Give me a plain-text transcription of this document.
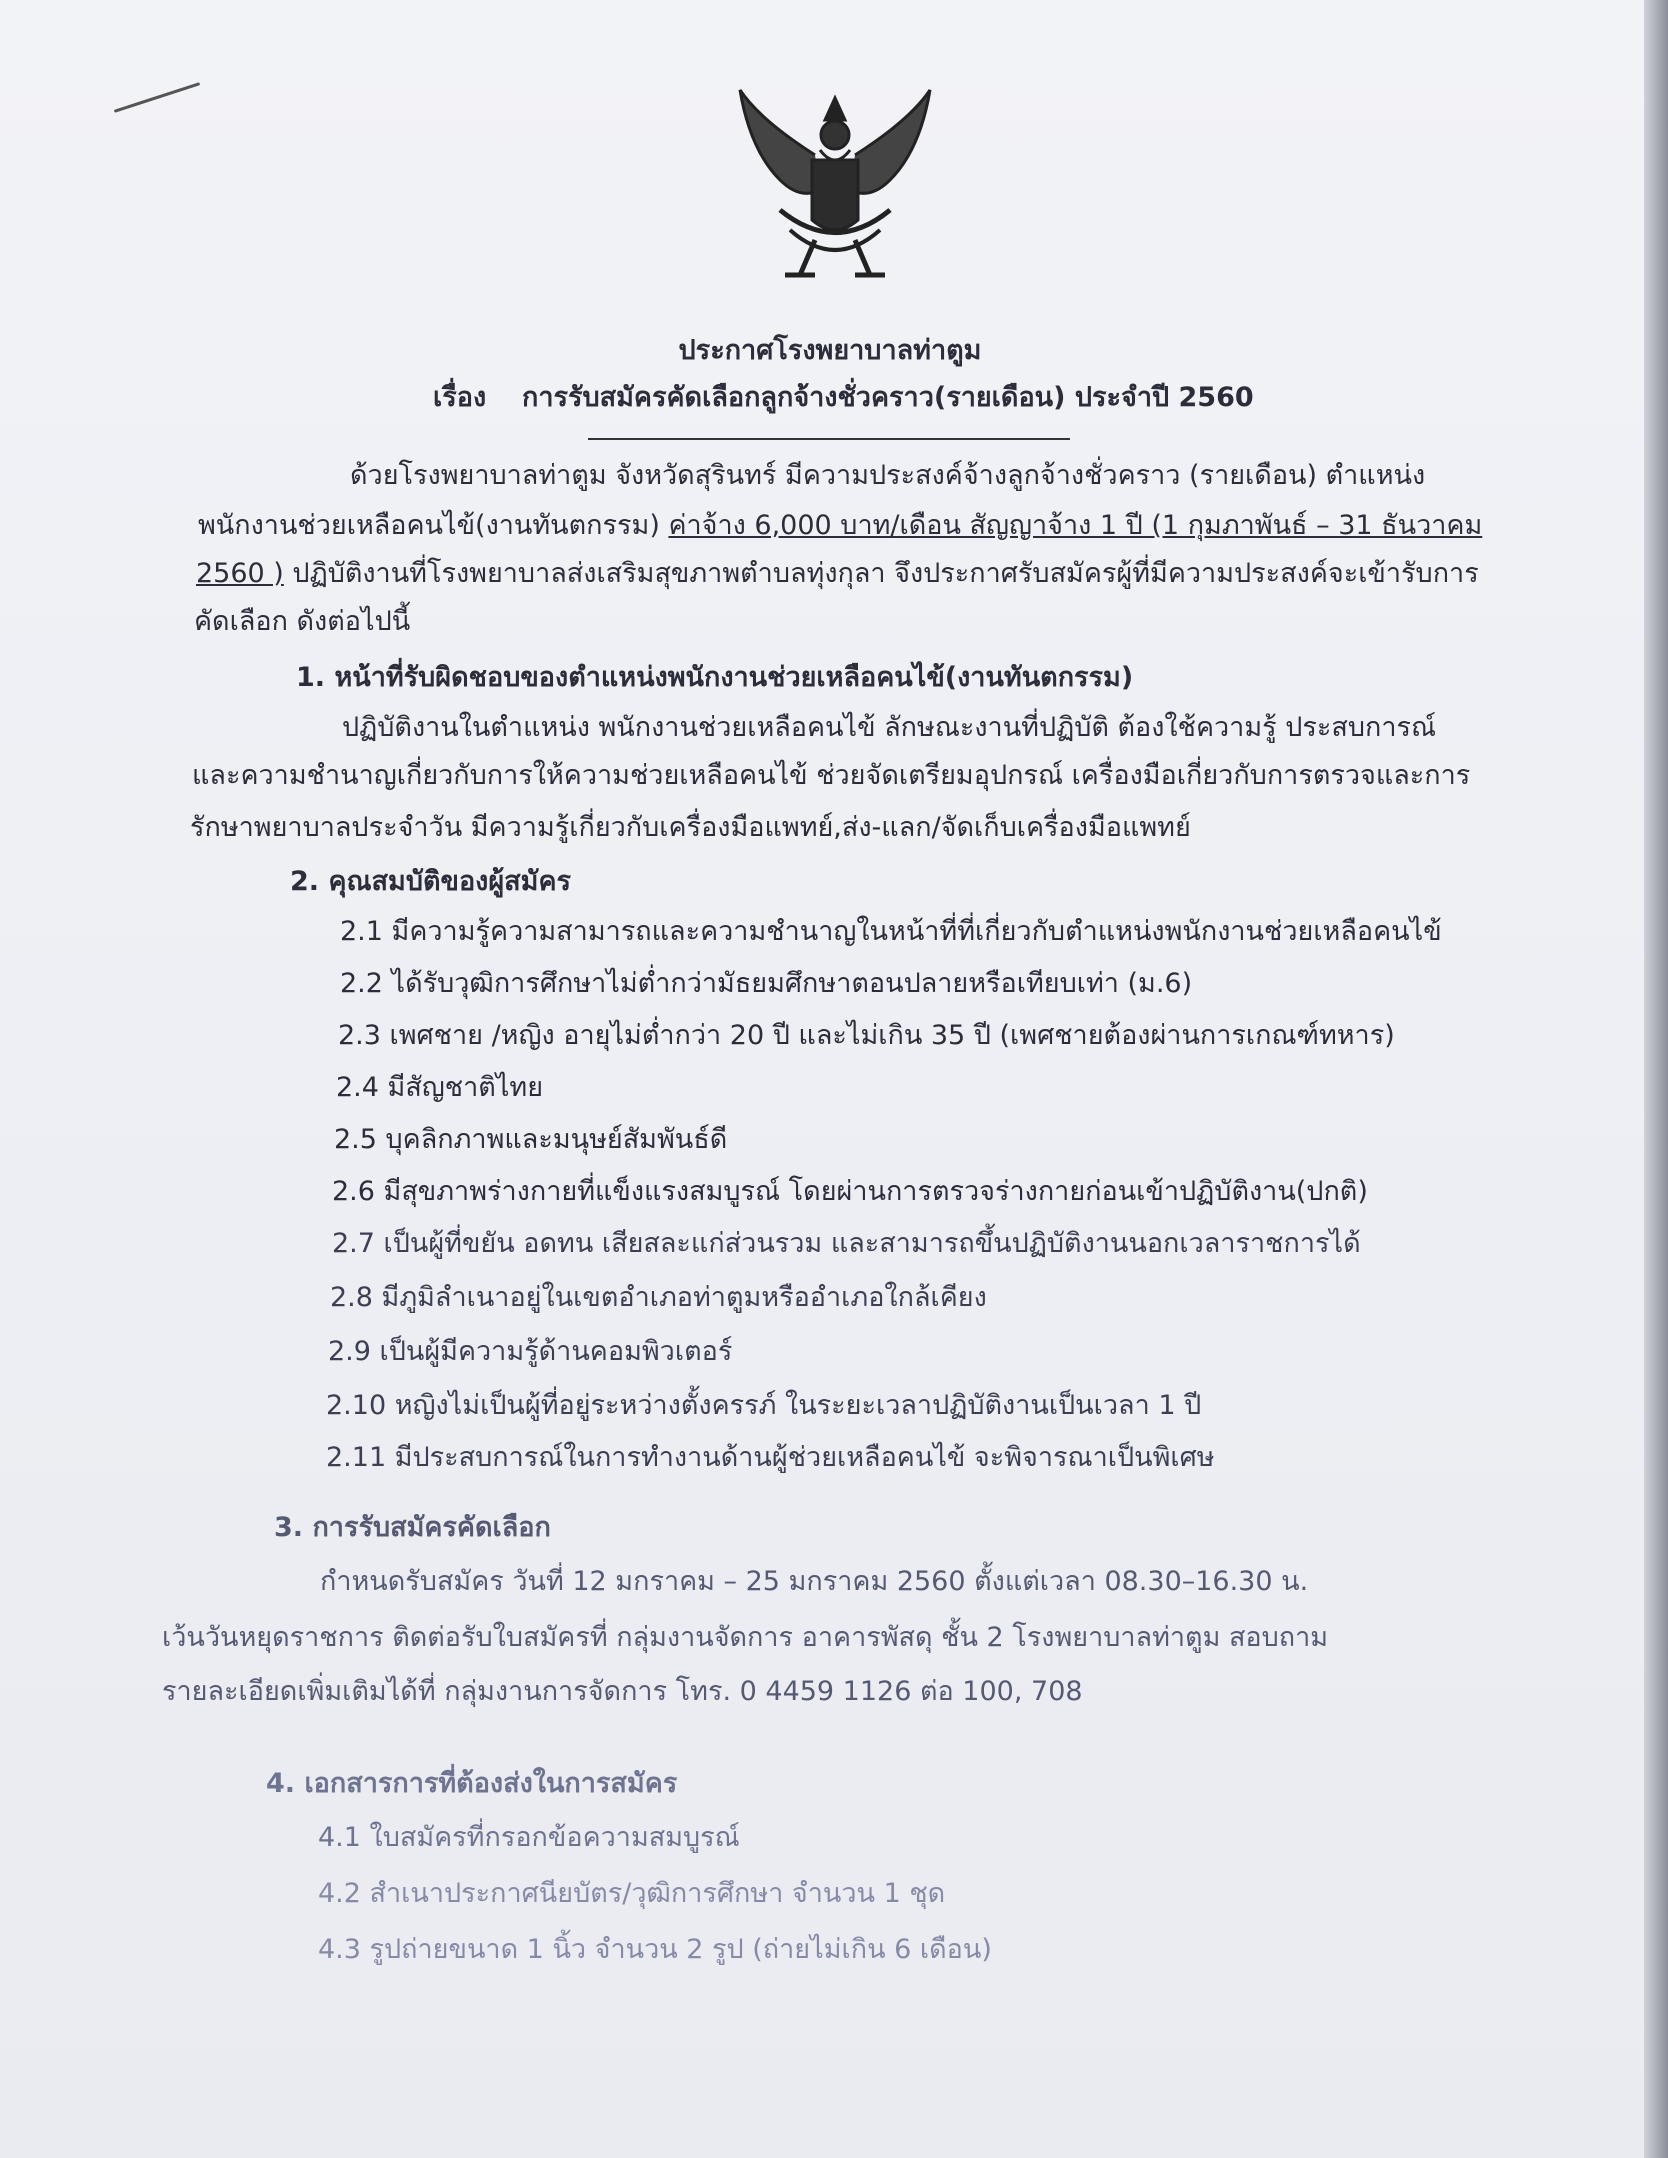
ประกาศโรงพยาบาลท่าตูม
เรื่อง การรับสมัครคัดเลือกลูกจ้างชั่วคราว(รายเดือน) ประจำปี 2560
ด้วยโรงพยาบาลท่าตูม จังหวัดสุรินทร์ มีความประสงค์จ้างลูกจ้างชั่วคราว (รายเดือน) ตำแหน่ง
พนักงานช่วยเหลือคนไข้(งานทันตกรรม) ค่าจ้าง 6,000 บาท/เดือน สัญญาจ้าง 1 ปี (1 กุมภาพันธ์ – 31 ธันวาคม
2560 ) ปฏิบัติงานที่โรงพยาบาลส่งเสริมสุขภาพตำบลทุ่งกุลา จึงประกาศรับสมัครผู้ที่มีความประสงค์จะเข้ารับการ
คัดเลือก ดังต่อไปนี้
1. หน้าที่รับผิดชอบของตำแหน่งพนักงานช่วยเหลือคนไข้(งานทันตกรรม)
ปฏิบัติงานในตำแหน่ง พนักงานช่วยเหลือคนไข้ ลักษณะงานที่ปฏิบัติ ต้องใช้ความรู้ ประสบการณ์
และความชำนาญเกี่ยวกับการให้ความช่วยเหลือคนไข้ ช่วยจัดเตรียมอุปกรณ์ เครื่องมือเกี่ยวกับการตรวจและการ
รักษาพยาบาลประจำวัน มีความรู้เกี่ยวกับเครื่องมือแพทย์,ส่ง-แลก/จัดเก็บเครื่องมือแพทย์
2. คุณสมบัติของผู้สมัคร
2.1 มีความรู้ความสามารถและความชำนาญในหน้าที่ที่เกี่ยวกับตำแหน่งพนักงานช่วยเหลือคนไข้
2.2 ได้รับวุฒิการศึกษาไม่ต่ำกว่ามัธยมศึกษาตอนปลายหรือเทียบเท่า (ม.6)
2.3 เพศชาย /หญิง อายุไม่ต่ำกว่า 20 ปี และไม่เกิน 35 ปี (เพศชายต้องผ่านการเกณฑ์ทหาร)
2.4 มีสัญชาติไทย
2.5 บุคลิกภาพและมนุษย์สัมพันธ์ดี
2.6 มีสุขภาพร่างกายที่แข็งแรงสมบูรณ์ โดยผ่านการตรวจร่างกายก่อนเข้าปฏิบัติงาน(ปกติ)
2.7 เป็นผู้ที่ขยัน อดทน เสียสละแก่ส่วนรวม และสามารถขึ้นปฏิบัติงานนอกเวลาราชการได้
2.8 มีภูมิลำเนาอยู่ในเขตอำเภอท่าตูมหรืออำเภอใกล้เคียง
2.9 เป็นผู้มีความรู้ด้านคอมพิวเตอร์
2.10 หญิงไม่เป็นผู้ที่อยู่ระหว่างตั้งครรภ์ ในระยะเวลาปฏิบัติงานเป็นเวลา 1 ปี
2.11 มีประสบการณ์ในการทำงานด้านผู้ช่วยเหลือคนไข้ จะพิจารณาเป็นพิเศษ
3. การรับสมัครคัดเลือก
กำหนดรับสมัคร วันที่ 12 มกราคม – 25 มกราคม 2560 ตั้งแต่เวลา 08.30–16.30 น.
เว้นวันหยุดราชการ ติดต่อรับใบสมัครที่ กลุ่มงานจัดการ อาคารพัสดุ ชั้น 2 โรงพยาบาลท่าตูม สอบถาม
รายละเอียดเพิ่มเติมได้ที่ กลุ่มงานการจัดการ โทร. 0 4459 1126 ต่อ 100, 708
4. เอกสารการที่ต้องส่งในการสมัคร
4.1 ใบสมัครที่กรอกข้อความสมบูรณ์
4.2 สำเนาประกาศนียบัตร/วุฒิการศึกษา จำนวน 1 ชุด
4.3 รูปถ่ายขนาด 1 นิ้ว จำนวน 2 รูป (ถ่ายไม่เกิน 6 เดือน)
